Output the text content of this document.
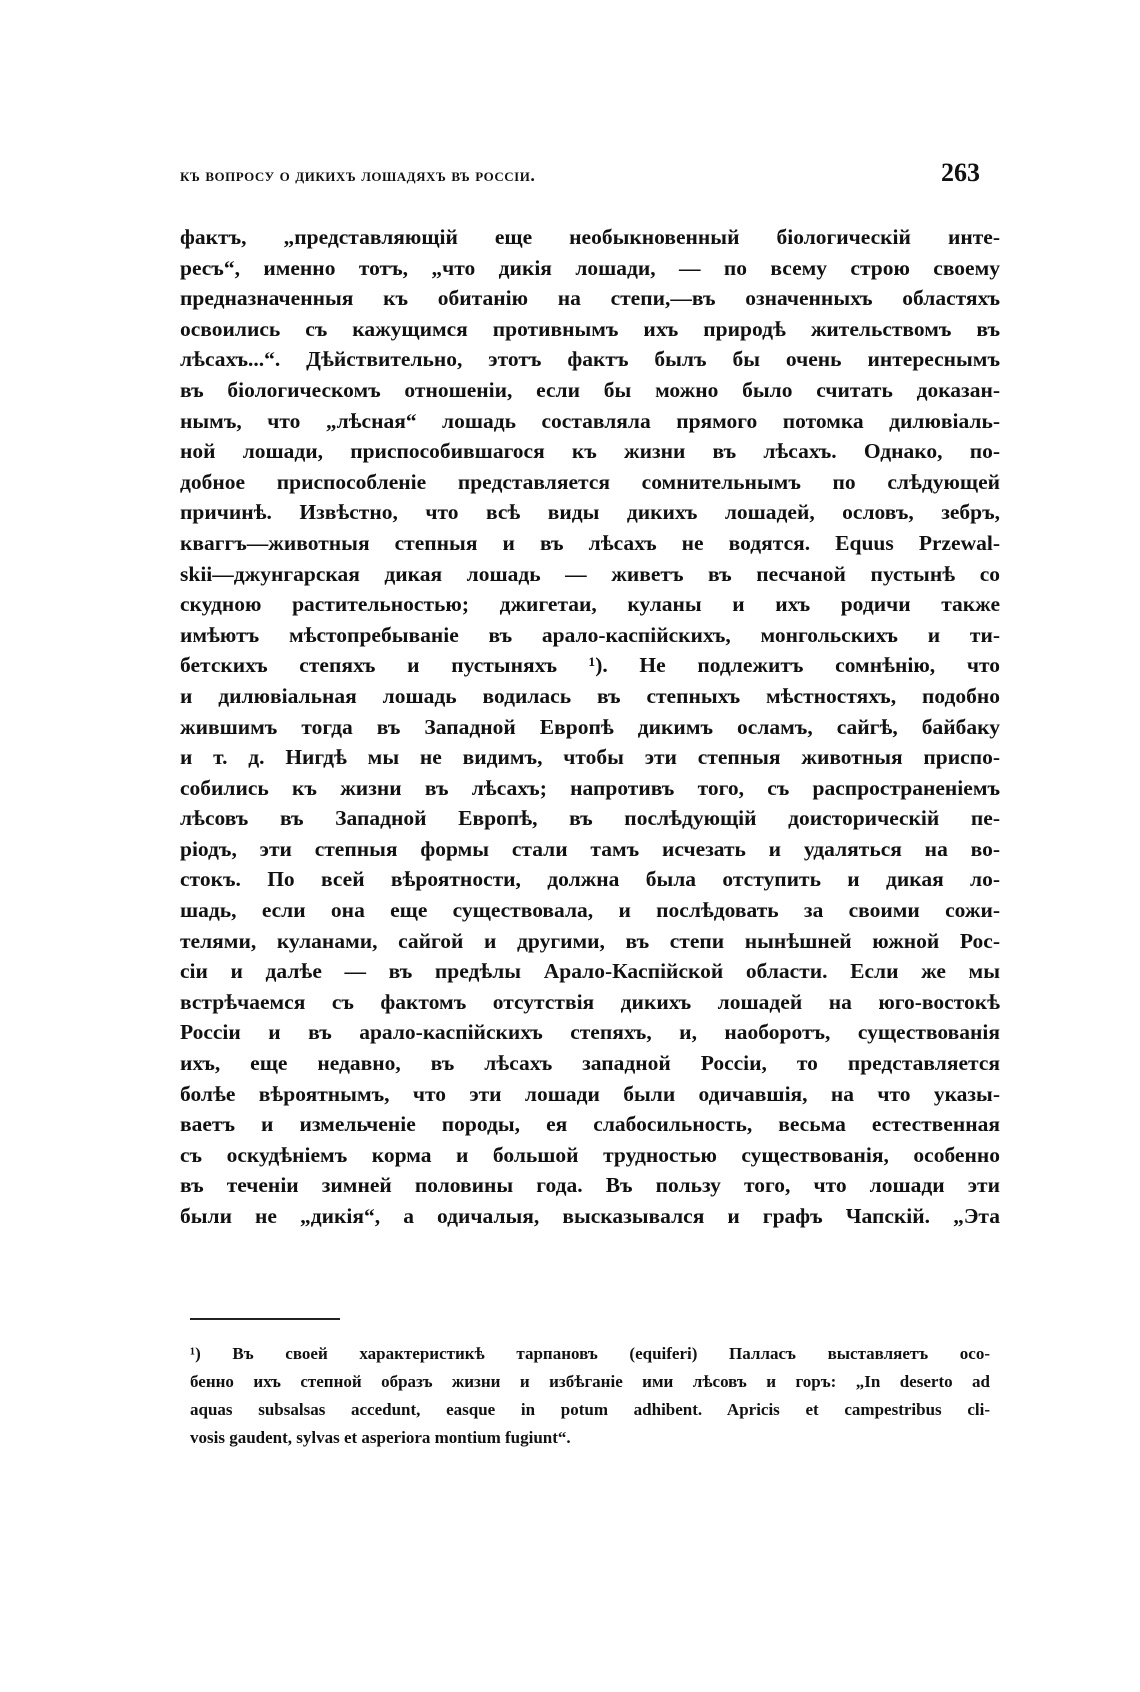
къ вопросу о дикихъ лошадяхъ въ россіи.	263
фактъ, „представляющій еще необыкновенный біологическій инте-
ресъ“, именно тотъ, „что дикія лошади, — по всему строю своему
предназначенныя къ обитанію на степи,—въ означенныхъ областяхъ
освоились съ кажущимся противнымъ ихъ природѣ жительствомъ въ
лѣсахъ...“. Дѣйствительно, этотъ фактъ былъ бы очень интереснымъ
въ біологическомъ отношеніи, если бы можно было считать доказан-
нымъ, что „лѣсная“ лошадь составляла прямого потомка дилювіаль-
ной лошади, приспособившагося къ жизни въ лѣсахъ. Однако, по-
добное приспособленіе представляется сомнительнымъ по слѣдующей
причинѣ. Извѣстно, что всѣ виды дикихъ лошадей, ословъ, зебръ,
кваггъ—животныя степныя и въ лѣсахъ не водятся. Equus Przewal-
skii—джунгарская дикая лошадь — живетъ въ песчаной пустынѣ со
скудною растительностью; джигетаи, куланы и ихъ родичи также
имѣютъ мѣстопребываніе въ арало-каспійскихъ, монгольскихъ и ти-
бетскихъ степяхъ и пустыняхъ ¹). Не подлежитъ сомнѣнію, что
и дилювіальная лошадь водилась въ степныхъ мѣстностяхъ, подобно
жившимъ тогда въ Западной Европѣ дикимъ осламъ, сайгѣ, байбаку
и т. д. Нигдѣ мы не видимъ, чтобы эти степныя животныя приспо-
собились къ жизни въ лѣсахъ; напротивъ того, съ распространеніемъ
лѣсовъ въ Западной Европѣ, въ послѣдующій доисторическій пе-
ріодъ, эти степныя формы стали тамъ исчезать и удаляться на во-
стокъ. По всей вѣроятности, должна была отступить и дикая ло-
шадь, если она еще существовала, и послѣдовать за своими сожи-
телями, куланами, сайгой и другими, въ степи нынѣшней южной Рос-
сіи и далѣе — въ предѣлы Арало-Каспійской области. Если же мы
встрѣчаемся съ фактомъ отсутствія дикихъ лошадей на юго-востокѣ
Россіи и въ арало-каспійскихъ степяхъ, и, наоборотъ, существованія
ихъ, еще недавно, въ лѣсахъ западной Россіи, то представляется
болѣе вѣроятнымъ, что эти лошади были одичавшія, на что указы-
ваетъ и измельченіе породы, ея слабосильность, весьма естественная
съ оскудѣніемъ корма и большой трудностью существованія, особенно
въ теченіи зимней половины года. Въ пользу того, что лошади эти
были не „дикія“, а одичалыя, высказывался и графъ Чапскій. „Эта
¹) Въ своей характеристикѣ тарпановъ (equiferi) Палласъ выставляетъ осо-
бенно ихъ степной образъ жизни и избѣганіе ими лѣсовъ и горъ: „In deserto ad
aquas subsalsas accedunt, easque in potum adhibent. Apricis et campestribus cli-
vosis gaudent, sylvas et asperiora montium fugiunt“.
